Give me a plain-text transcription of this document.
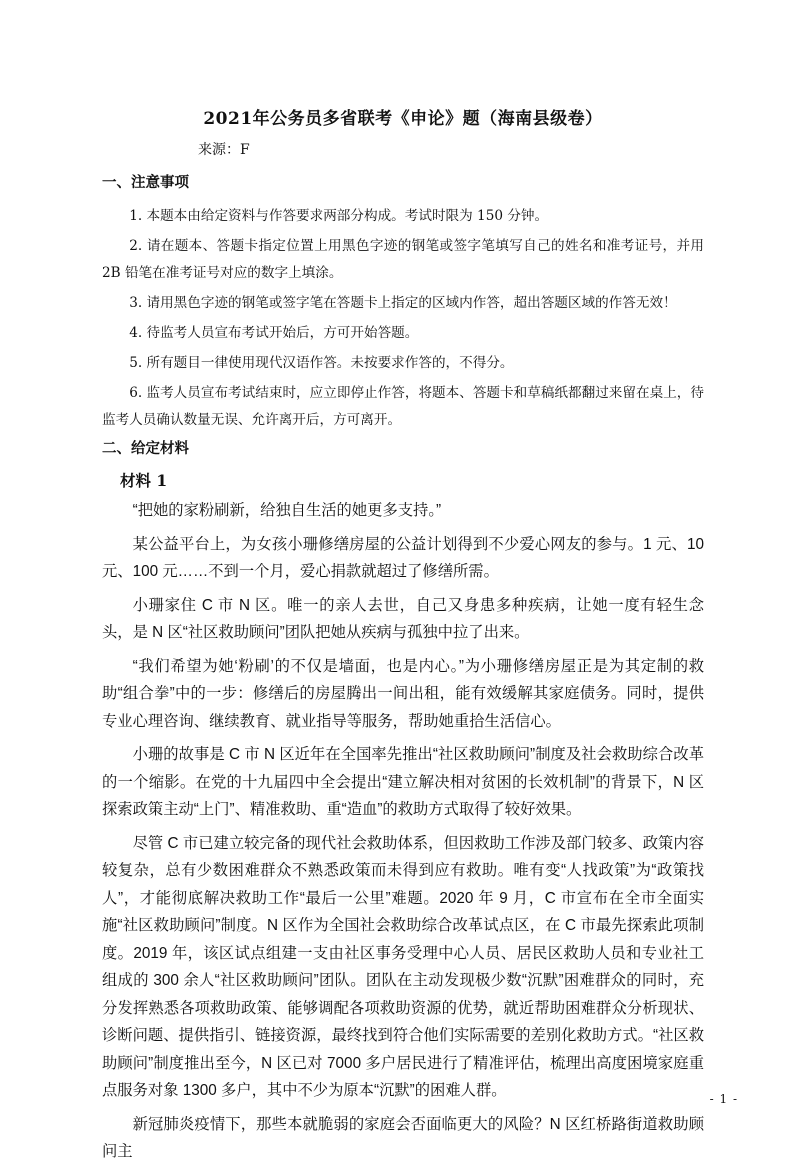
2021年公务员多省联考《申论》题（海南县级卷）
来源：F
一、注意事项
1. 本题本由给定资料与作答要求两部分构成。考试时限为 150 分钟。
2. 请在题本、答题卡指定位置上用黑色字迹的钢笔或签字笔填写自己的姓名和准考证号，并用 2B 铅笔在准考证号对应的数字上填涂。
3. 请用黑色字迹的钢笔或签字笔在答题卡上指定的区域内作答，超出答题区域的作答无效！
4. 待监考人员宣布考试开始后，方可开始答题。
5. 所有题目一律使用现代汉语作答。未按要求作答的，不得分。
6. 监考人员宣布考试结束时，应立即停止作答，将题本、答题卡和草稿纸都翻过来留在桌上，待监考人员确认数量无误、允许离开后，方可离开。
二、给定材料
材料 1

“把她的家粉刷新，给独自生活的她更多支持。”

某公益平台上，为女孩小珊修缮房屋的公益计划得到不少爱心网友的参与。1 元、10 元、100 元……不到一个月，爱心捐款就超过了修缮所需。

小珊家住 C 市 N 区。唯一的亲人去世，自己又身患多种疾病，让她一度有轻生念头，是 N 区“社区救助顾问”团队把她从疾病与孤独中拉了出来。

“我们希望为她‘粉刷’的不仅是墙面，也是内心。”为小珊修缮房屋正是为其定制的救助“组合拳”中的一步：修缮后的房屋腾出一间出租，能有效缓解其家庭债务。同时，提供专业心理咨询、继续教育、就业指导等服务，帮助她重拾生活信心。

小珊的故事是 C 市 N 区近年在全国率先推出“社区救助顾问”制度及社会救助综合改革的一个缩影。在党的十九届四中全会提出“建立解决相对贫困的长效机制”的背景下，N 区探索政策主动“上门”、精准救助、重“造血”的救助方式取得了较好效果。

尽管 C 市已建立较完备的现代社会救助体系，但因救助工作涉及部门较多、政策内容较复杂，总有少数困难群众不熟悉政策而未得到应有救助。唯有变“人找政策”为“政策找人”，才能彻底解决救助工作“最后一公里”难题。2020 年 9 月，C 市宣布在全市全面实施“社区救助顾问”制度。N 区作为全国社会救助综合改革试点区，在 C 市最先探索此项制度。2019 年，该区试点组建一支由社区事务受理中心人员、居民区救助人员和专业社工组成的 300 余人“社区救助顾问”团队。团队在主动发现极少数“沉默”困难群众的同时，充分发挥熟悉各项救助政策、能够调配各项救助资源的优势，就近帮助困难群众分析现状、诊断问题、提供指引、链接资源，最终找到符合他们实际需要的差别化救助方式。“社区救助顾问”制度推出至今，N 区已对 7000 多户居民进行了精准评估，梳理出高度困境家庭重点服务对象 1300 多户，其中不少为原本“沉默”的困难人群。

新冠肺炎疫情下，那些本就脆弱的家庭会否面临更大的风险？N 区红桥路街道救助顾问主

- 1 -
